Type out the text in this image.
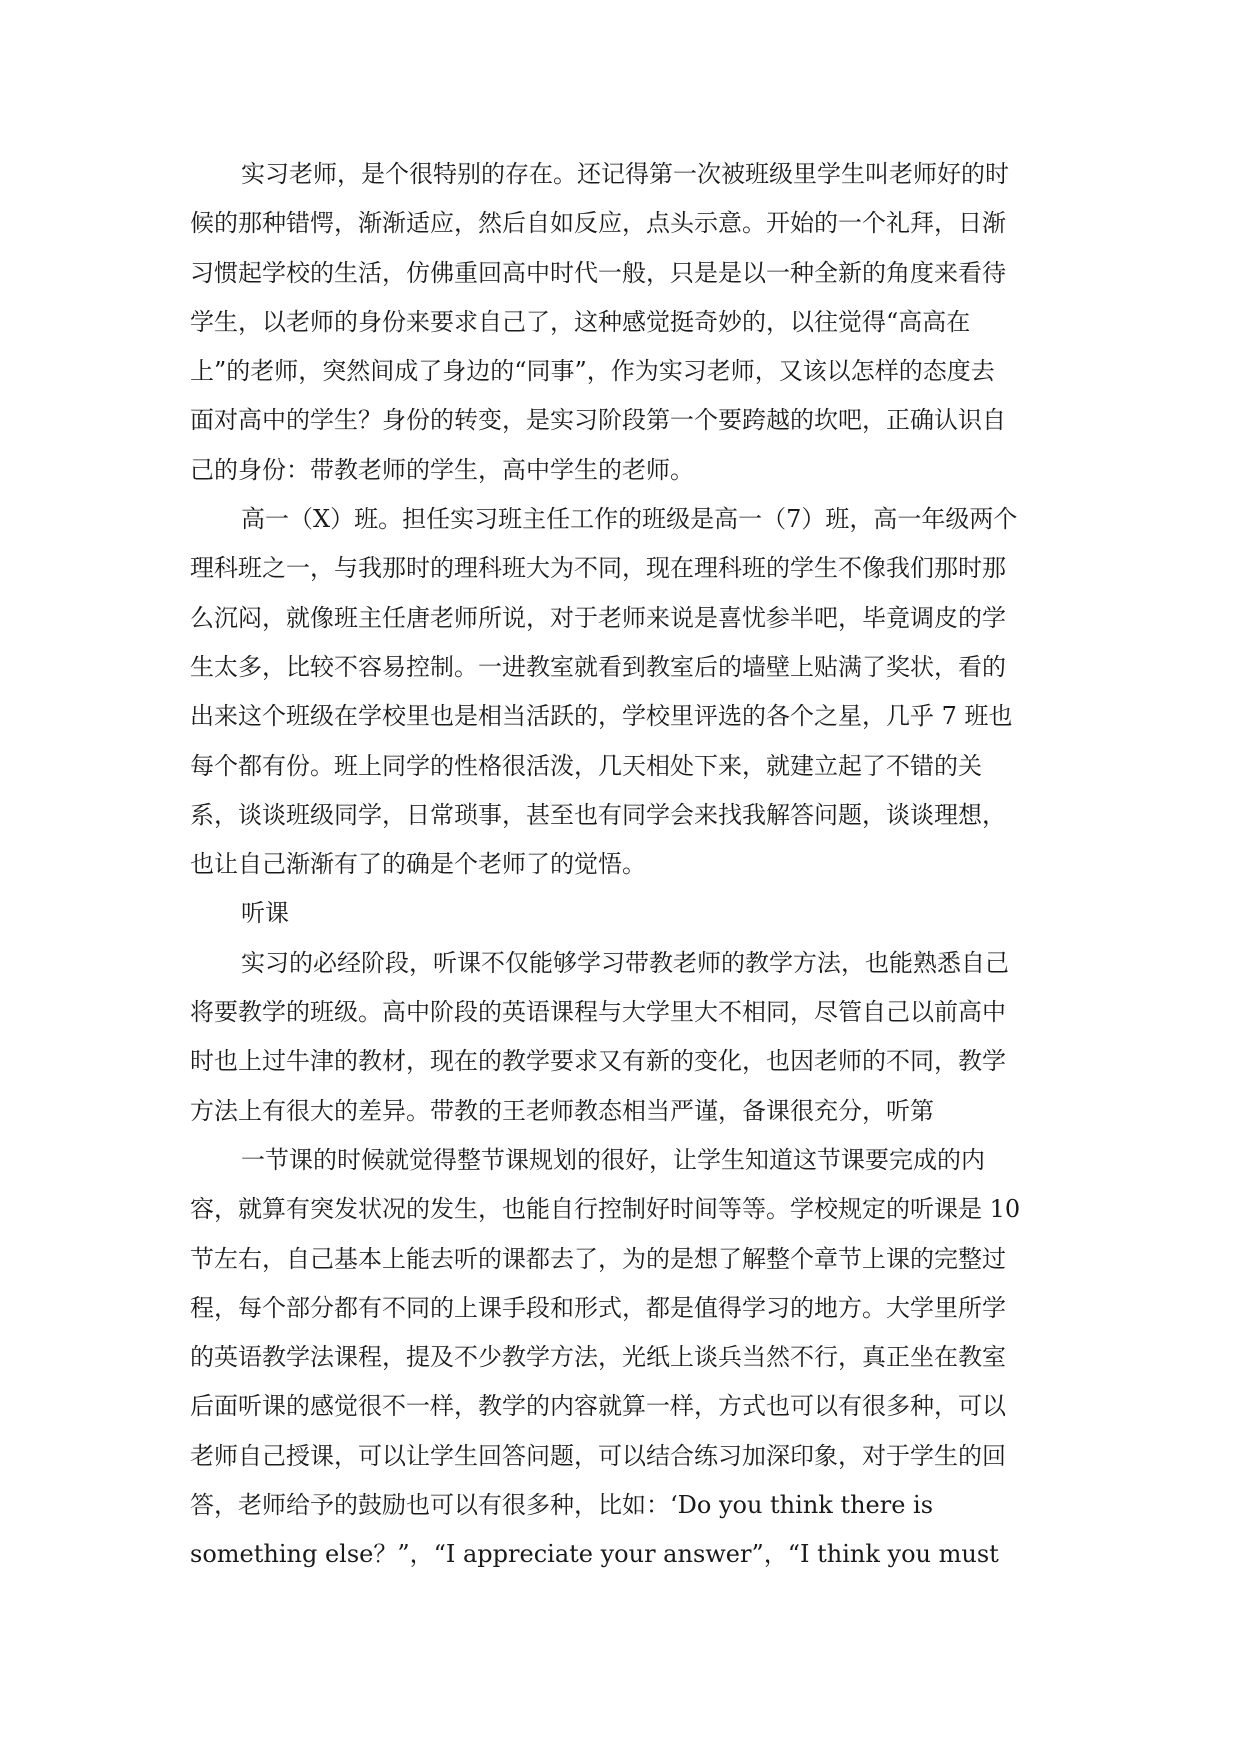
实习老师，是个很特别的存在。还记得第一次被班级里学生叫老师好的时
候的那种错愕，渐渐适应，然后自如反应，点头示意。开始的一个礼拜，日渐
习惯起学校的生活，仿佛重回高中时代一般，只是是以一种全新的角度来看待
学生，以老师的身份来要求自己了，这种感觉挺奇妙的，以往觉得“高高在
上”的老师，突然间成了身边的“同事”，作为实习老师，又该以怎样的态度去
面对高中的学生？身份的转变，是实习阶段第一个要跨越的坎吧，正确认识自
己的身份：带教老师的学生，高中学生的老师。
高一（X）班。担任实习班主任工作的班级是高一（7）班，高一年级两个
理科班之一，与我那时的理科班大为不同，现在理科班的学生不像我们那时那
么沉闷，就像班主任唐老师所说，对于老师来说是喜忧参半吧，毕竟调皮的学
生太多，比较不容易控制。一进教室就看到教室后的墙壁上贴满了奖状，看的
出来这个班级在学校里也是相当活跃的，学校里评选的各个之星，几乎 7 班也
每个都有份。班上同学的性格很活泼，几天相处下来，就建立起了不错的关
系，谈谈班级同学，日常琐事，甚至也有同学会来找我解答问题，谈谈理想，
也让自己渐渐有了的确是个老师了的觉悟。
听课
实习的必经阶段，听课不仅能够学习带教老师的教学方法，也能熟悉自己
将要教学的班级。高中阶段的英语课程与大学里大不相同，尽管自己以前高中
时也上过牛津的教材，现在的教学要求又有新的变化，也因老师的不同，教学
方法上有很大的差异。带教的王老师教态相当严谨，备课很充分，听第
一节课的时候就觉得整节课规划的很好，让学生知道这节课要完成的内
容，就算有突发状况的发生，也能自行控制好时间等等。学校规定的听课是 10
节左右，自己基本上能去听的课都去了，为的是想了解整个章节上课的完整过
程，每个部分都有不同的上课手段和形式，都是值得学习的地方。大学里所学
的英语教学法课程，提及不少教学方法，光纸上谈兵当然不行，真正坐在教室
后面听课的感觉很不一样，教学的内容就算一样，方式也可以有很多种，可以
老师自己授课，可以让学生回答问题，可以结合练习加深印象，对于学生的回
答，老师给予的鼓励也可以有很多种，比如：‘Do you think there is
something else？”，“I appreciate your answer”，“I think you must
